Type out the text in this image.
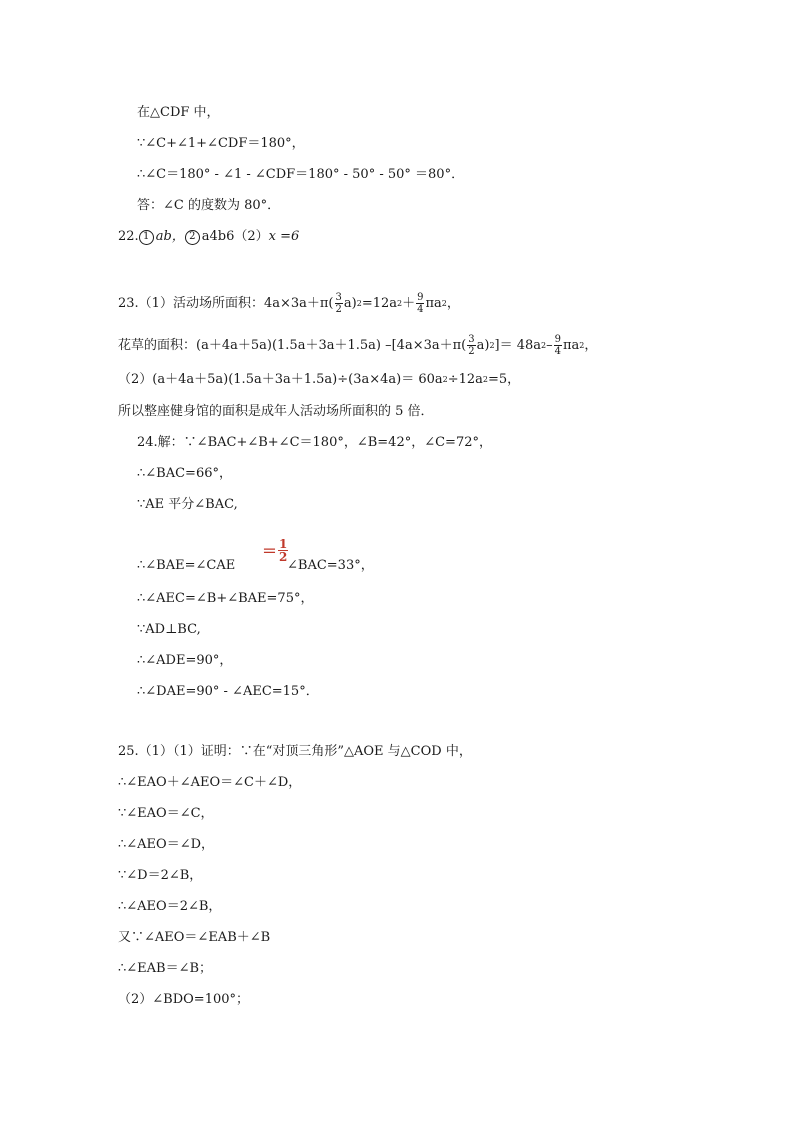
在△CDF 中，
∵∠C+∠1+∠CDF＝180°，
∴∠C＝180° - ∠1 - ∠CDF＝180° - 50° - 50° ＝80°．
答：∠C 的度数为 80°．
22. 1 ab， 2 a4b6（2） x =6
23.（1）活动场所面积： $4a\times 3a+\pi( \frac{3}{2} a)$ 2 =12a $2 + \frac{9}{4}$ πa 2 ，
花草的面积： (a＋4a＋5a)(1.5a＋3a＋1.5a) $-[4a\times 3a+\pi( \frac{3}{2} a)$ 2 ]＝ 48a $2 - \frac{9}{4}$ πa 2 ，
（2） (a＋4a＋5a)(1.5a＋3a＋1.5a)÷(3a×4a)＝ 60a 2 ÷12a 2 =5，
所以整座健身馆的面积是成年人活动场所面积的 5 倍．
24.解：∵∠BAC+∠B+∠C＝180°，∠B=42°，∠C=72°，
∴∠BAC=66°，
∵AE 平分∠BAC,
∴∠BAE=∠CAE
＝ $\frac{1}{2}$
∠BAC=33°，
∴∠AEC=∠B+∠BAE=75°，
∵AD⊥BC,
∴∠ADE=90°，
∴∠DAE=90° - ∠AEC=15°．
25.（1）（1）证明：∵在“对顶三角形”△AOE 与△COD 中，
∴∠EAO＋∠AEO＝∠C＋∠D，
∵∠EAO＝∠C，
∴∠AEO＝∠D，
∵∠D＝2∠B，
∴∠AEO＝2∠B，
又∵∠AEO＝∠EAB＋∠B
∴∠EAB＝∠B；
（2）∠BDO=100°；
